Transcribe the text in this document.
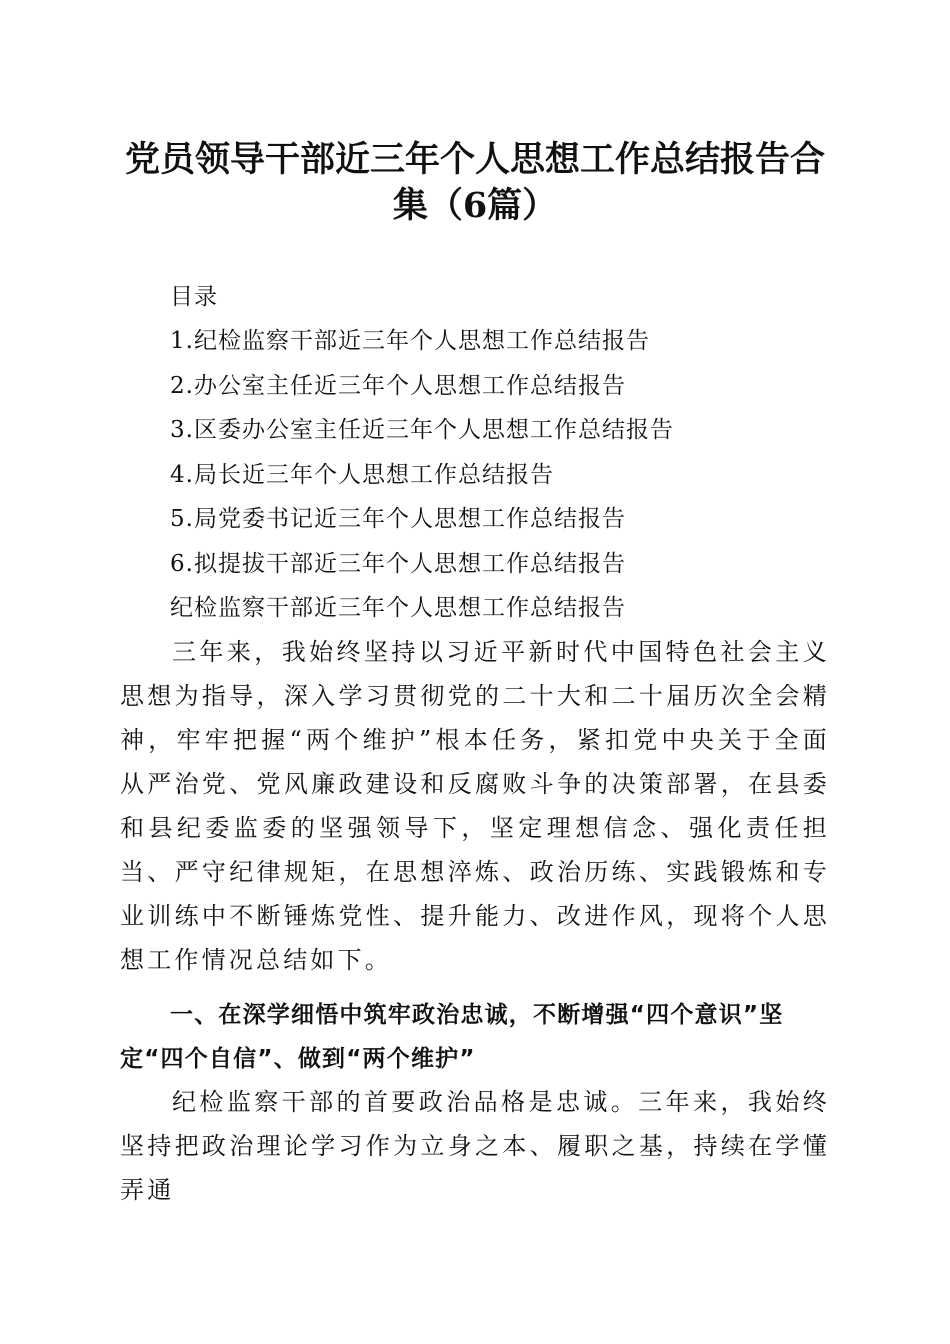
党员领导干部近三年个人思想工作总结报告合
集（6篇）
目录
1.纪检监察干部近三年个人思想工作总结报告
2.办公室主任近三年个人思想工作总结报告
3.区委办公室主任近三年个人思想工作总结报告
4.局长近三年个人思想工作总结报告
5.局党委书记近三年个人思想工作总结报告
6.拟提拔干部近三年个人思想工作总结报告
纪检监察干部近三年个人思想工作总结报告

三年来，我始终坚持以习近平新时代中国特色社会主义思想为指导，深入学习贯彻党的二十大和二十届历次全会精神，牢牢把握“两个维护”根本任务，紧扣党中央关于全面从严治党、党风廉政建设和反腐败斗争的决策部署，在县委和县纪委监委的坚强领导下，坚定理想信念、强化责任担当、严守纪律规矩，在思想淬炼、政治历练、实践锻炼和专业训练中不断锤炼党性、提升能力、改进作风，现将个人思想工作情况总结如下。

一、在深学细悟中筑牢政治忠诚，不断增强“四个意识”坚定“四个自信”、做到“两个维护”

纪检监察干部的首要政治品格是忠诚。三年来，我始终坚持把政治理论学习作为立身之本、履职之基，持续在学懂弄通
